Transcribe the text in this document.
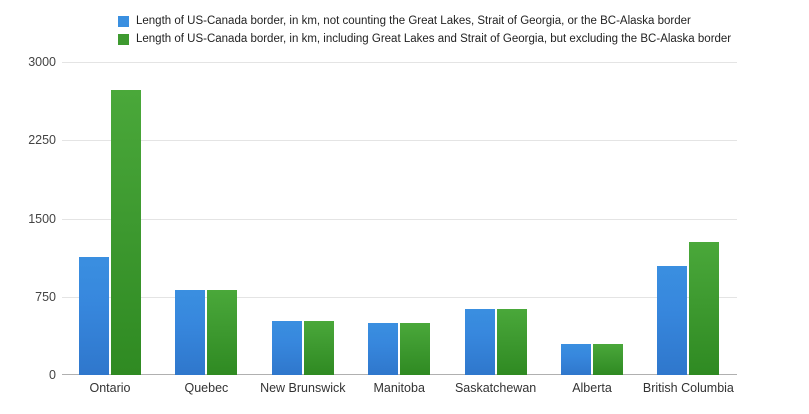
Length of US-Canada border, in km, not counting the Great Lakes, Strait of Georgia, or the BC-Alaska border
Length of US-Canada border, in km, including Great Lakes and Strait of Georgia, but excluding the BC-Alaska border
3000
2250
1500
750
0
Ontario	Quebec	New Brunswick Manitoba Saskatchewan	Alberta British Columbia
